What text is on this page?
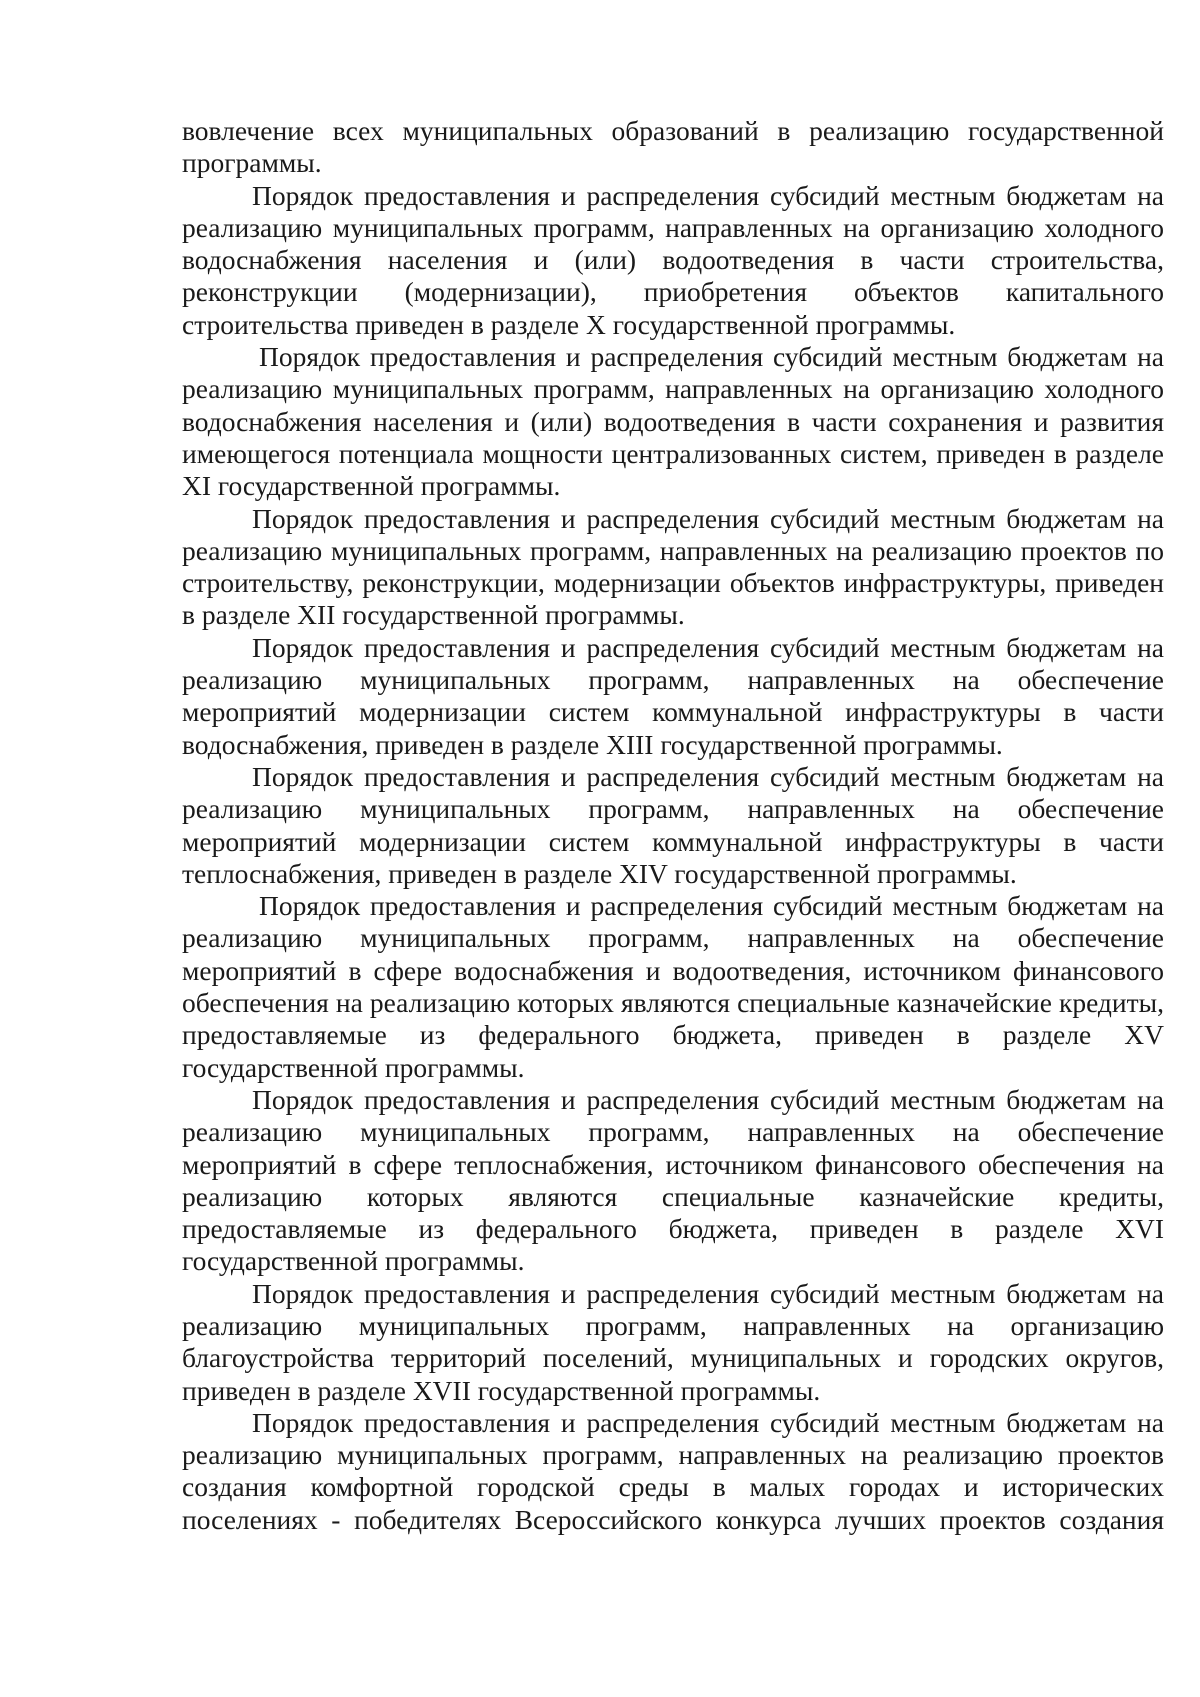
вовлечение всех муниципальных образований в реализацию государственной программы.

Порядок предоставления и распределения субсидий местным бюджетам на реализацию муниципальных программ, направленных на организацию холодного водоснабжения населения и (или) водоотведения в части строительства, реконструкции (модернизации), приобретения объектов капитального строительства приведен в разделе X государственной программы.

Порядок предоставления и распределения субсидий местным бюджетам на реализацию муниципальных программ, направленных на организацию холодного водоснабжения населения и (или) водоотведения в части сохранения и развития имеющегося потенциала мощности централизованных систем, приведен в разделе XI государственной программы.

Порядок предоставления и распределения субсидий местным бюджетам на реализацию муниципальных программ, направленных на реализацию проектов по строительству, реконструкции, модернизации объектов инфраструктуры, приведен в разделе XII государственной программы.

Порядок предоставления и распределения субсидий местным бюджетам на реализацию муниципальных программ, направленных на обеспечение мероприятий модернизации систем коммунальной инфраструктуры в части водоснабжения, приведен в разделе XIII государственной программы.

Порядок предоставления и распределения субсидий местным бюджетам на реализацию муниципальных программ, направленных на обеспечение мероприятий модернизации систем коммунальной инфраструктуры в части теплоснабжения, приведен в разделе XIV государственной программы.

Порядок предоставления и распределения субсидий местным бюджетам на реализацию муниципальных программ, направленных на обеспечение мероприятий в сфере водоснабжения и водоотведения, источником финансового обеспечения на реализацию которых являются специальные казначейские кредиты, предоставляемые из федерального бюджета, приведен в разделе XV государственной программы.

Порядок предоставления и распределения субсидий местным бюджетам на реализацию муниципальных программ, направленных на обеспечение мероприятий в сфере теплоснабжения, источником финансового обеспечения на реализацию которых являются специальные казначейские кредиты, предоставляемые из федерального бюджета, приведен в разделе XVI государственной программы.

Порядок предоставления и распределения субсидий местным бюджетам на реализацию муниципальных программ, направленных на организацию благоустройства территорий поселений, муниципальных и городских округов, приведен в разделе XVII государственной программы.

Порядок предоставления и распределения субсидий местным бюджетам на реализацию муниципальных программ, направленных на реализацию проектов создания комфортной городской среды в малых городах и исторических поселениях - победителях Всероссийского конкурса лучших проектов создания
